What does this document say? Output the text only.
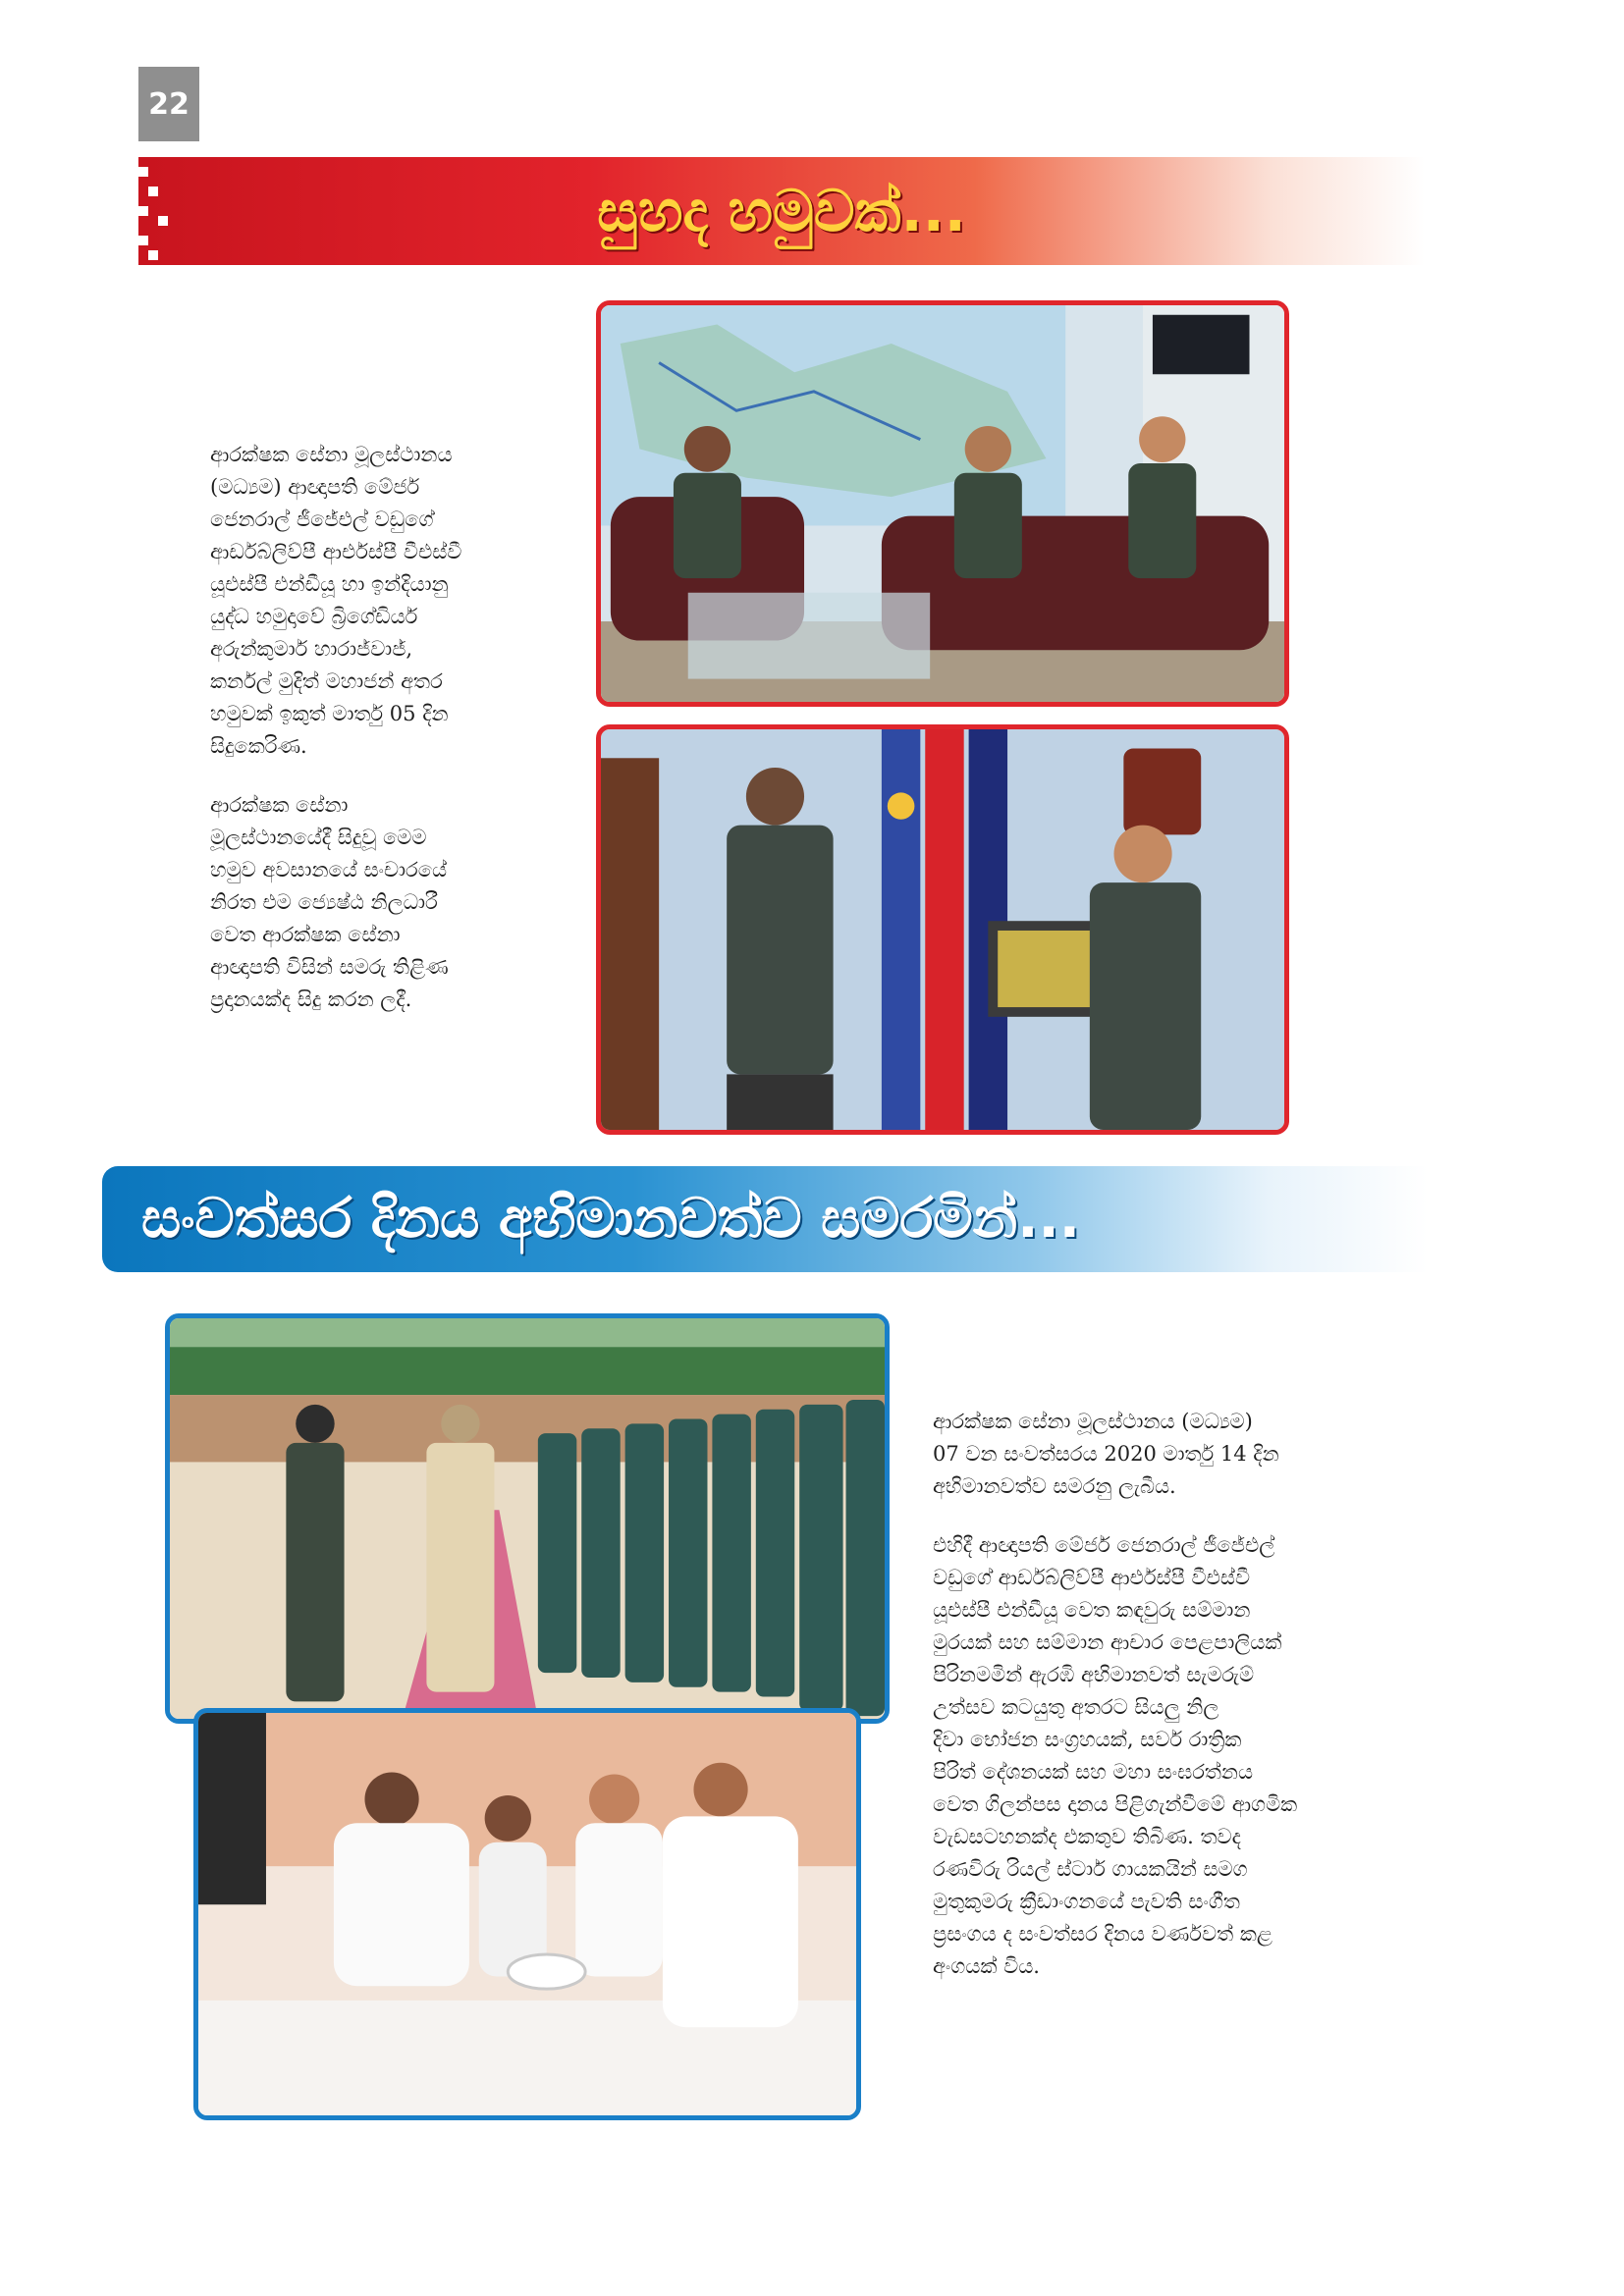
22
සුහද හමුවක්...

ආරක්ෂක සේනා මූලස්ථානය
(මධ්‍යම) ආඥාපති මේජර්
ජෙනරාල් ජීජේඑල් වඩුගේ
ආර්ඩබ්ලිව්පී ආර්එස්පී වීඑස්වී
යූඑස්පී එන්ඩීයූ හා ඉන්දියානු
යුද්ධ හමුදාවේ බ්‍රිගේඩියර්
අරුන්කුමාර් හාරාජ්වාජ්,
කර්නල් මුදිත් මහාජන් අතර
හමුවක් ඉකුත් මාර්තු 05 දින
සිදුකෙරිණ.

ආරක්ෂක සේනා
මූලස්ථානයේදී සිදුවූ මෙම
හමුව අවසානයේ සංචාරයේ
නිරත එම ජ්‍යෙෂ්ඨ නිලධාරී
වෙත ආරක්ෂක සේනා
ආඥාපති විසින් සමරු තිළිණ
ප්‍රදානයක්ද සිදු කරන ලදී.

සංවත්සර දිනය අභිමානවත්ව සමරමින්...

ආරක්ෂක සේනා මූලස්ථානය (මධ්‍යම)
07 වන සංවත්සරය 2020 මාර්තු 14 දින
අභිමානවත්ව සමරනු ලැබීය.

එහිදී ආඥාපති මේජර් ජෙනරාල් ජීජේඑල්
වඩුගේ ආර්ඩබ්ලිව්පී ආර්එස්පී වීඑස්වී
යූඑස්පී එන්ඩීයූ වෙත කඳවුරු සම්මාන
මුරයක් සහ සම්මාන ආචාර පෙළපාලියක්
පිරිනමමින් ඇරඹි අභිමානවත් සැමරුම්
උත්සව කටයුතු අතරට සියලු නිල
දිවා භෝජන සංග්‍රහයක්, සර්ව රාත්‍රික
පිරිත් දේශනයක් සහ මහා සංඝරත්නය
වෙත ගිලන්පස දානය පිළිගැන්වීමේ ආගමික
වැඩසටහනක්ද එකතුව තිබිණ. තවද
රණවිරු රියල් ස්ටාර් ගායකයින් සමග
මුතුකුමරු ක්‍රීඩාංගනයේ පැවති සංගීත
ප්‍රසංගය ද සංවත්සර දිනය වර්ණවත් කළ
අංගයක් විය.
